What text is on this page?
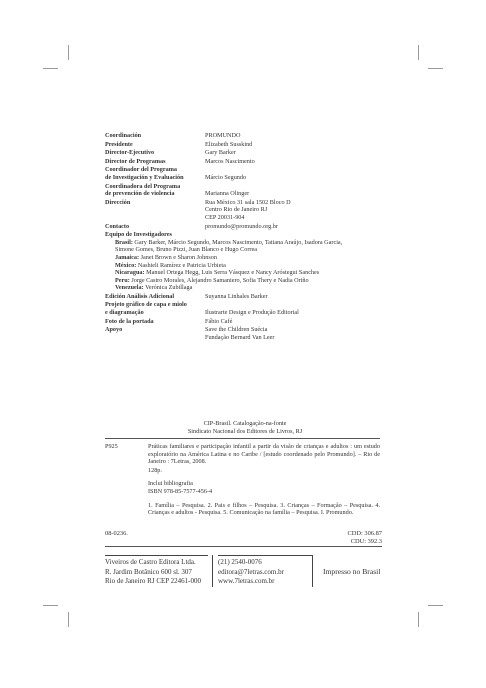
Coordinación	PROMUNDO
Presidente	Elizabeth Susskind
Director-Ejecutivo	Gary Barker
Director de Programas	Marcos Nascimento
Coordinador del Programa
de Investigación y Evaluación	Márcio Segundo
Coordinadora del Programa
de prevención de violencia	Marianna Olinger
Dirección	Rua México 31 sala 1502 Bloco D
Centro Rio de Janeiro RJ
CEP 20031-904
Contacto	promundo@promundo.org.br
Equipo de Investigadores
Brasil: Gary Barker, Márcio Segundo, Marcos Nascimento, Tatiana Araújo, Isadora Garcia,
Simone Gomes, Bruno Pizzi, Juan Blanco e Hugo Correa
Jamaica: Janet Brown e Sharon Johnson
México: Nashieli Ramírez e Patricia Urbieta
Nicaragua: Manuel Ortega Hegg, Luis Serra Vásquez e Nancy Aróstegui Sanches
Peru: Jorge Castro Morales, Alejandro Samaniero, Sofia Thery e Nadia Oriño
Venezuela: Verónica Zubillaga
Edición Análisis Adicional	Suyanna Linhales Barker
Projeto gráfico de capa e miolo
e diagramação	Ilustrarte Design e Produção Editorial
Foto de la portada	Fábio Café
Apoyo	Save the Children Suécia
Fundação Bernard Van Leer
CIP-Brasil. Catalogação-na-fonte
Sindicato Nacional dos Editores de Livros, RJ
P925	Práticas familiares e participação infantil a partir da visão de crianças e adultos : um estudo exploratório na América Latina e no Caribe / [estudo coordenado pelo Promundo]. – Rio de Janeiro : 7Letras, 2008.

128p.
Inclui bibliografia
ISBN 978-85-7577-456-4

1. Família – Pesquisa. 2. Pais e filhos – Pesquisa. 3. Crianças – Formação – Pesquisa. 4. Crianças e adultos - Pesquisa. 5. Comunicação na família – Pesquisa. I. Promundo.

08-0236.	CDD: 306.87
CDU: 392.3
Viveiros de Castro Editora Ltda.
R. Jardim Botânico 600 sl. 307
Rio de Janeiro RJ CEP 22461-000
(21) 2540-0076
editora@7letras.com.br
www.7letras.com.br
Impresso no Brasil
